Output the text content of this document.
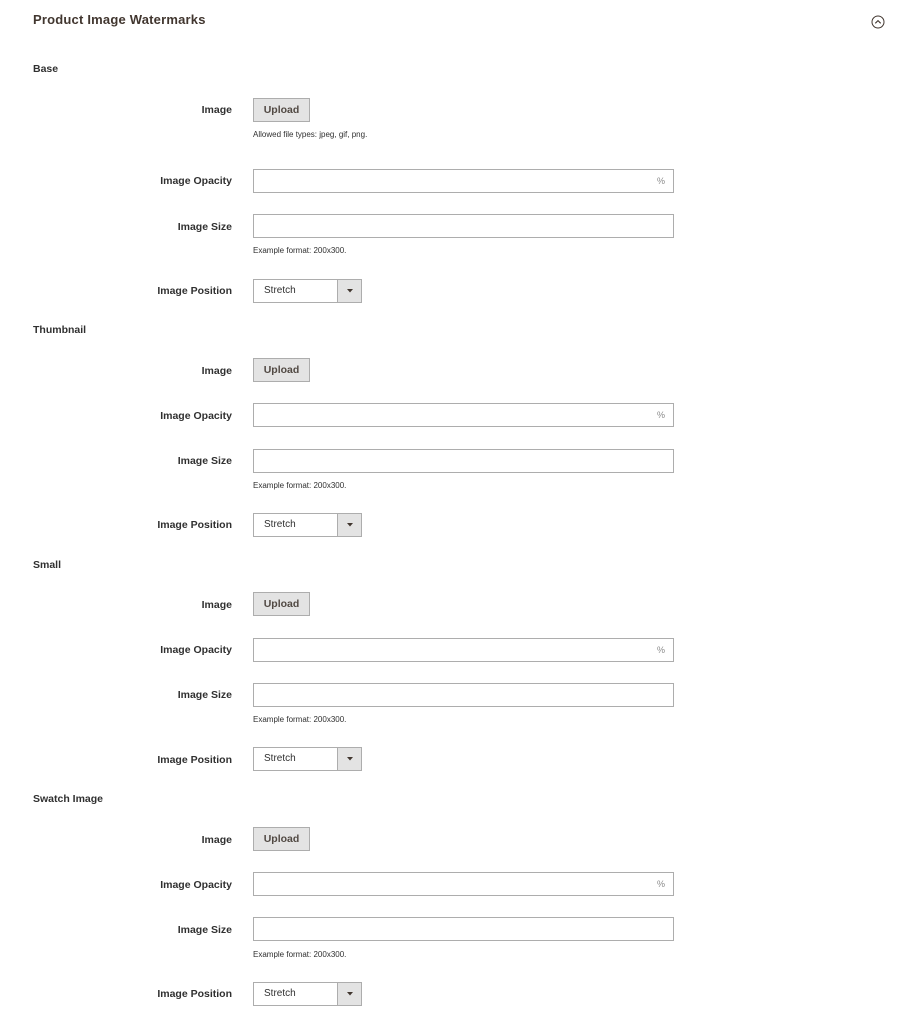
Product Image Watermarks
Base
Image	Upload
Allowed file types: jpeg, gif, png.
Image Opacity	%
Image Size
Example format: 200x300.
Image Position	Stretch
Thumbnail
Image	Upload
Image Opacity	%
Image Size
Example format: 200x300.
Image Position	Stretch
Small
Image	Upload
Image Opacity	%
Image Size
Example format: 200x300.
Image Position	Stretch
Swatch Image
Image	Upload
Image Opacity	%
Image Size
Example format: 200x300.
Image Position	Stretch
